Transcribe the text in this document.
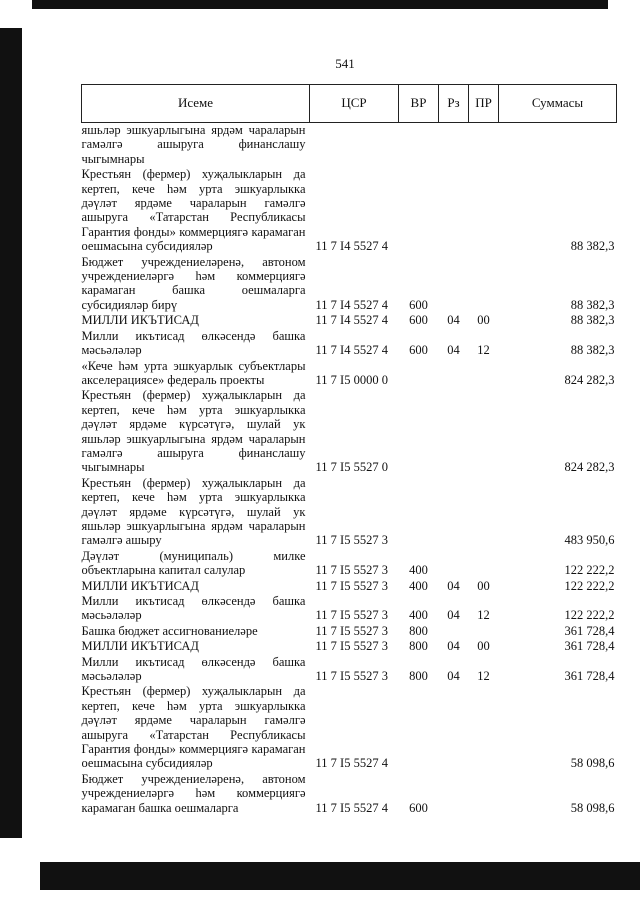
541
Исеме	ЦСР	ВР	Рз	ПР	Суммасы
яшьләр эшкуарлыгына ярдәм чараларын гамәлгә ашыруга финанслашу чыгымнары					
Крестьян (фермер) хуҗалыкларын да кертеп, кече һәм урта эшкуарлыкка дәүләт ярдәме чараларын гамәлгә ашыруга «Татарстан Республикасы Гарантия фонды» коммерциягә карамаган оешмасына субсидияләр	11 7 I4 5527 4				88 382,3
Бюджет учреждениеләренә, автоном учреждениеләргә һәм коммерциягә карамаган башка оешмаларга субсидияләр бирү	11 7 I4 5527 4	600			88 382,3
МИЛЛИ ИКЪТИСАД	11 7 I4 5527 4	600	04	00	88 382,3
Милли икътисад өлкәсендә башка мәсьәләләр	11 7 I4 5527 4	600	04	12	88 382,3
«Кече һәм урта эшкуарлык субъектлары акселерациясе» федераль проекты	11 7 I5 0000 0				824 282,3
Крестьян (фермер) хуҗалыкларын да кертеп, кече һәм урта эшкуарлыкка дәүләт ярдәме күрсәтүгә, шулай ук яшьләр эшкуарлыгына ярдәм чараларын гамәлгә ашыруга финанслашу чыгымнары	11 7 I5 5527 0				824 282,3
Крестьян (фермер) хуҗалыкларын да кертеп, кече һәм урта эшкуарлыкка дәүләт ярдәме күрсәтүгә, шулай ук яшьләр эшкуарлыгына ярдәм чараларын гамәлгә ашыру	11 7 I5 5527 3				483 950,6
Дәүләт (муниципаль) милке объектларына капитал салулар	11 7 I5 5527 3	400			122 222,2
МИЛЛИ ИКЪТИСАД	11 7 I5 5527 3	400	04	00	122 222,2
Милли икътисад өлкәсендә башка мәсьәләләр	11 7 I5 5527 3	400	04	12	122 222,2
Башка бюджет ассигнованиеләре	11 7 I5 5527 3	800			361 728,4
МИЛЛИ ИКЪТИСАД	11 7 I5 5527 3	800	04	00	361 728,4
Милли икътисад өлкәсендә башка мәсьәләләр	11 7 I5 5527 3	800	04	12	361 728,4
Крестьян (фермер) хуҗалыкларын да кертеп, кече һәм урта эшкуарлыкка дәүләт ярдәме чараларын гамәлгә ашыруга «Татарстан Республикасы Гарантия фонды» коммерциягә карамаган оешмасына субсидияләр	11 7 I5 5527 4				58 098,6
Бюджет учреждениеләренә, автоном учреждениеләргә һәм коммерциягә карамаган башка оешмаларга	11 7 I5 5527 4	600			58 098,6
